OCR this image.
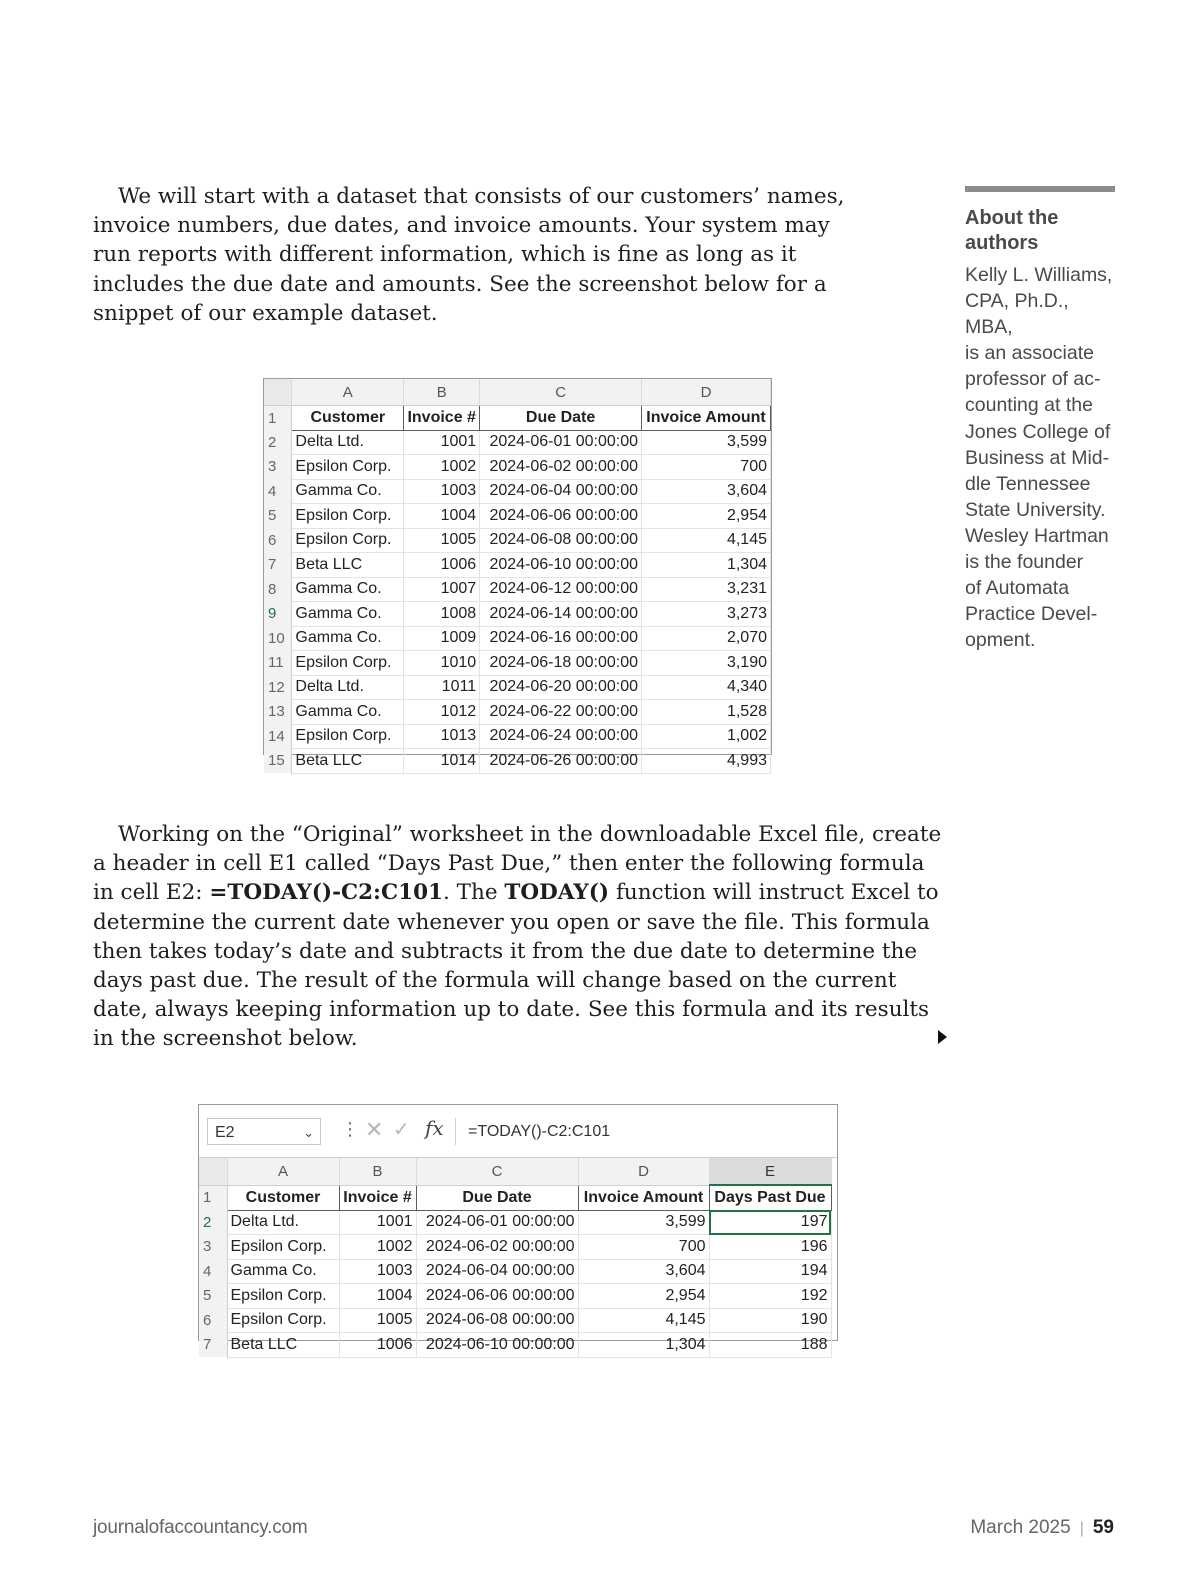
We will start with a dataset that consists of our customers’ names, invoice numbers, due dates, and invoice amounts. Your system may run reports with different information, which is fine as long as it includes the due date and amounts. See the screenshot below for a snippet of our example dataset.

	A	B	C	D
1	Customer	Invoice #	Due Date	Invoice Amount
2	Delta Ltd.	1001	2024-06-01 00:00:00	3,599
3	Epsilon Corp.	1002	2024-06-02 00:00:00	700
4	Gamma Co.	1003	2024-06-04 00:00:00	3,604
5	Epsilon Corp.	1004	2024-06-06 00:00:00	2,954
6	Epsilon Corp.	1005	2024-06-08 00:00:00	4,145
7	Beta LLC	1006	2024-06-10 00:00:00	1,304
8	Gamma Co.	1007	2024-06-12 00:00:00	3,231
9	Gamma Co.	1008	2024-06-14 00:00:00	3,273
10	Gamma Co.	1009	2024-06-16 00:00:00	2,070
11	Epsilon Corp.	1010	2024-06-18 00:00:00	3,190
12	Delta Ltd.	1011	2024-06-20 00:00:00	4,340
13	Gamma Co.	1012	2024-06-22 00:00:00	1,528
14	Epsilon Corp.	1013	2024-06-24 00:00:00	1,002
15	Beta LLC	1014	2024-06-26 00:00:00	4,993

Working on the “Original” worksheet in the downloadable Excel file, create a header in cell E1 called “Days Past Due,” then enter the following formula in cell E2: =TODAY()-C2:C101. The TODAY() function will instruct Excel to determine the current date whenever you open or save the file. This formula then takes today’s date and subtracts it from the due date to determine the days past due. The result of the formula will change based on the current date, always keeping information up to date. See this formula and its results in the screenshot below.

About the
authors
Kelly L. Williams,
CPA, Ph.D., MBA,
is an associate
professor of ac-
counting at the
Jones College of
Business at Mid-
dle Tennessee
State University.
Wesley Hartman
is the founder
of Automata
Practice Devel-
opment.
E2	⌄ ⋮ ✕ ✓ fx	=TODAY()-C2:C101
	A	B	C	D	E
1	Customer	Invoice #	Due Date	Invoice Amount	Days Past Due
2	Delta Ltd.	1001	2024-06-01 00:00:00	3,599	197
3	Epsilon Corp.	1002	2024-06-02 00:00:00	700	196
4	Gamma Co.	1003	2024-06-04 00:00:00	3,604	194
5	Epsilon Corp.	1004	2024-06-06 00:00:00	2,954	192
6	Epsilon Corp.	1005	2024-06-08 00:00:00	4,145	190
7	Beta LLC	1006	2024-06-10 00:00:00	1,304	188
journalofaccountancy.com	March 2025 | 59
